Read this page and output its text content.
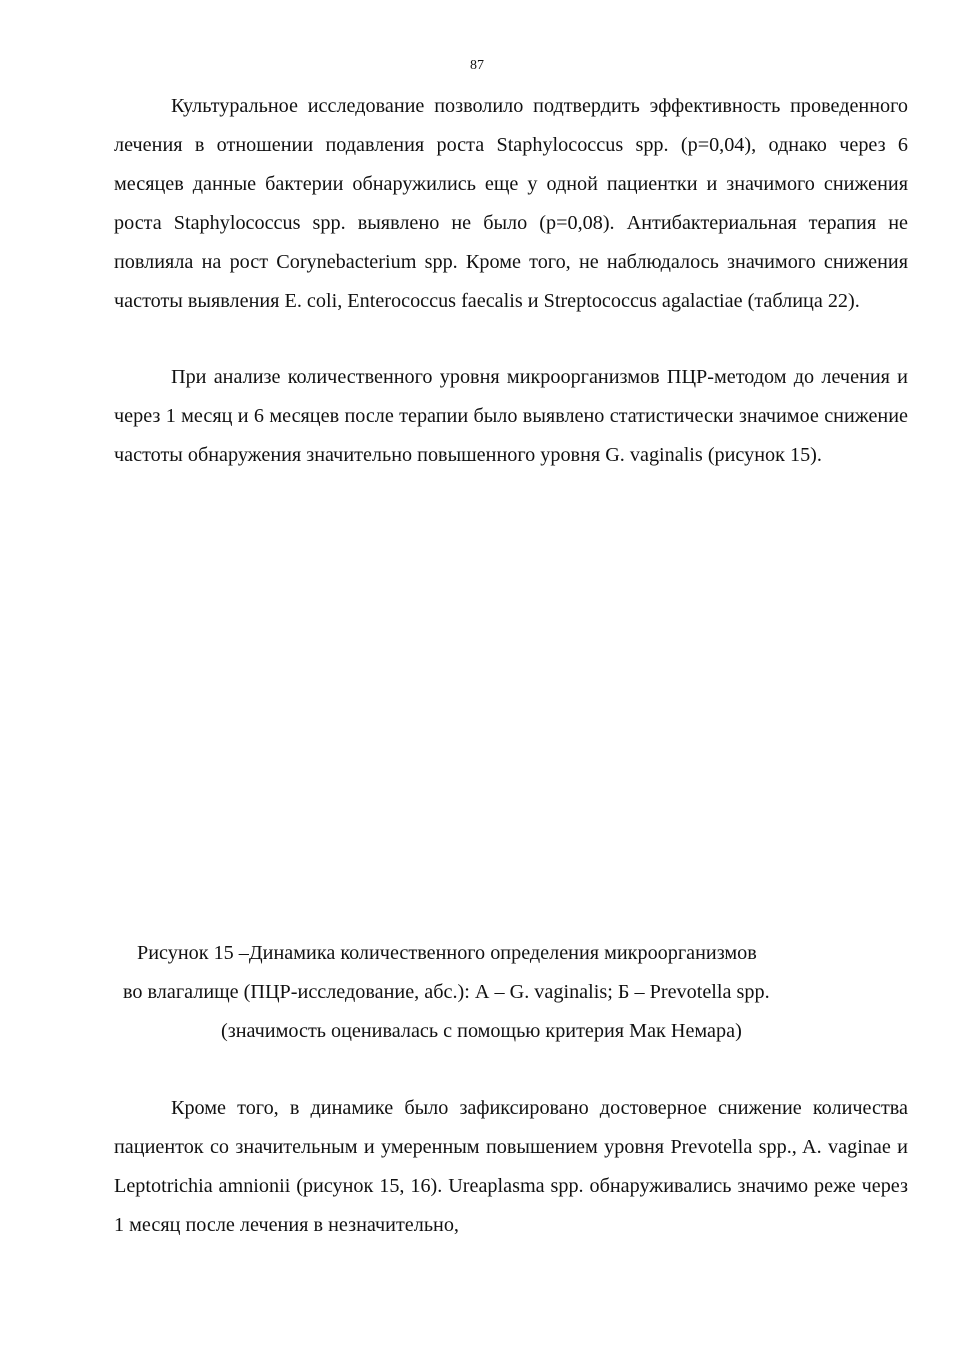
87

Культуральное исследование позволило подтвердить эффективность проведенного лечения в отношении подавления роста Staphylococcus spp. (p=0,04), однако через 6 месяцев данные бактерии обнаружились еще у одной пациентки и значимого снижения роста Staphylococcus spp. выявлено не было (p=0,08). Антибактериальная терапия не повлияла на рост Corynebacterium spp. Кроме того, не наблюдалось значимого снижения частоты выявления E. coli, Enterococcus faecalis и Streptococcus agalactiae (таблица 22).

При анализе количественного уровня микроорганизмов ПЦР-методом до лечения и через 1 месяц и 6 месяцев после терапии было выявлено статистически значимое снижение частоты обнаружения значительно повышенного уровня G. vaginalis (рисунок 15).

Рисунок 15 –Динамика количественного определения микроорганизмов
во влагалище (ПЦР-исследование, абс.): А – G. vaginalis; Б – Prevotella spp.
(значимость оценивалась с помощью критерия Мак Немара)

Кроме того, в динамике было зафиксировано достоверное снижение количества пациенток со значительным и умеренным повышением уровня Prevotella spp., A. vaginae и Leptotrichia amnionii (рисунок 15, 16). Ureaplasma spp. обнаруживались значимо реже через 1 месяц после лечения в незначительно,
